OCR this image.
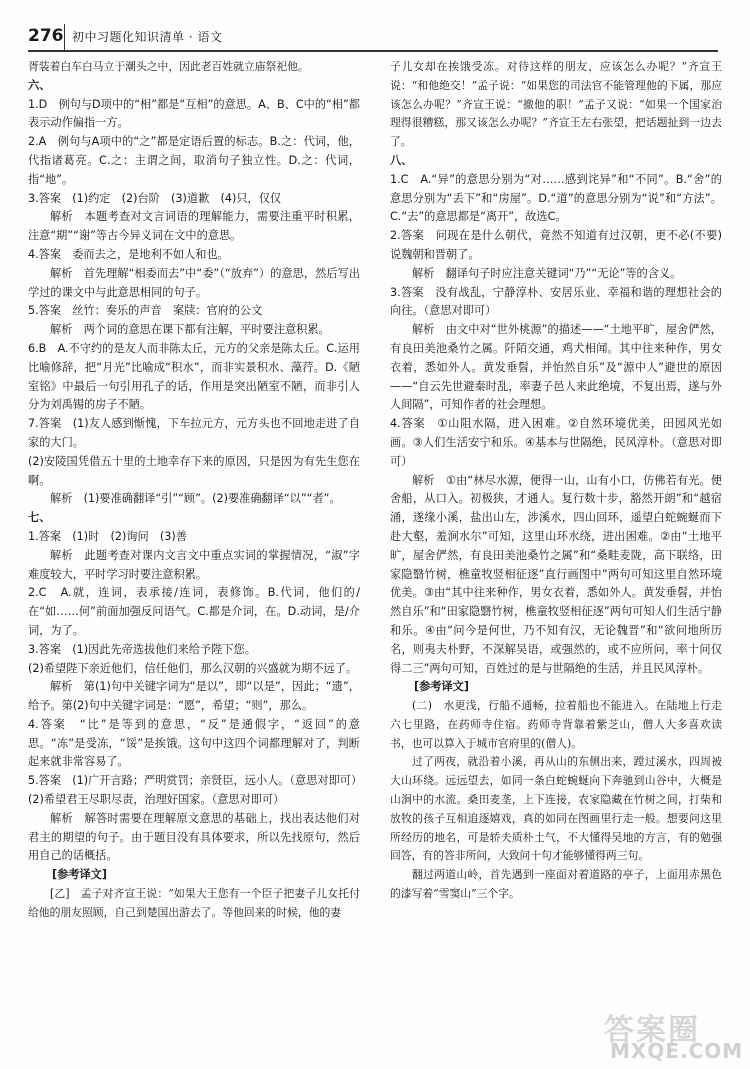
276 初中习题化知识清单 · 语文

胥装着白车白马立于潮头之中，因此老百姓就立庙祭祀他。

六、

1.D　例句与D项中的“相”都是“互相”的意思。A、B、C中的“相”都表示动作偏指一方。

2.A　例句与A项中的“之”都是定语后置的标志。B.之：代词，他，代指诸葛亮。C.之：主谓之间，取消句子独立性。D.之：代词，指“地”。

3.答案　(1)约定　(2)台阶　(3)道歉　(4)只，仅仅

解析　本题考查对文言词语的理解能力，需要注重平时积累，注意“期”“谢”等古今异义词在文中的意思。

4.答案　委而去之，是地利不如人和也。

解析　首先理解“相委而去”中“委”（“放弃”）的意思，然后写出学过的课文中与此意思相同的句子。

5.答案　丝竹：奏乐的声音　案牍：官府的公文

解析　两个词的意思在课下都有注解，平时要注意积累。

6.B　A.不守约的是友人而非陈太丘，元方的父亲是陈太丘。C.运用比喻修辞，把“月光”比喻成“积水”，而非实景积水、藻荇。D.《陋室铭》中最后一句引用孔子的话，作用是突出陋室不陋，而非引人分为刘禹锡的房子不陋。

7.答案　(1)友人感到惭愧，下车拉元方，元方头也不回地走进了自家的大门。

(2)安陵国凭借五十里的土地幸存下来的原因，只是因为有先生您在啊。

解析　(1)要准确翻译“引”“顾”。(2)要准确翻译“以”“者”。

七、

1.答案　(1)时　(2)询问　(3)善

解析　此题考查对课内文言文中重点实词的掌握情况，“淑”字难度较大，平时学习时要注意积累。

2.C　A.就，连词，表承接/连词，表修饰。B.代词，他们的/在“如……何”前面加强反问语气。C.都是介词，在。D.动词，是/介词，为了。

3.答案　(1)因此先帝选拔他们来给予陛下您。

(2)希望陛下亲近他们，信任他们，那么汉朝的兴盛就为期不远了。

解析　第(1)句中关键字词为“是以”，即“以是”，因此；“遗”，给予。第(2)句中关键字词是：“愿”，希望；“则”，那么。

4.答案　“比”是等到的意思，“反”是通假字，“返回”的意思。“冻”是受冻，“馁”是挨饿。这句中这四个词都理解对了，判断起来就非常容易了。

5.答案　(1)广开言路；严明赏罚；亲贤臣，远小人。（意思对即可）

(2)希望君王尽职尽责，治理好国家。（意思对即可）

解析　解答时需要在理解原文意思的基础上，找出表达他们对君主的期望的句子。由于题目没有具体要求，所以先找原句，然后用自己的话概括。

[参考译文]

[乙]　孟子对齐宣王说：“如果大王您有一个臣子把妻子儿女托付给他的朋友照顾，自己到楚国出游去了。等他回来的时候，他的妻

子儿女却在挨饿受冻。对待这样的朋友，应该怎么办呢？”齐宣王说：“和他绝交！”孟子说：“如果您的司法官不能管理他的下属，那应该怎么办呢？”齐宣王说：“撤他的职！”孟子又说：“如果一个国家治理得很糟糕，那又该怎么办呢？”齐宣王左右张望，把话题扯到一边去了。

八、

1.C　A.“异”的意思分别为“对……感到诧异”和“不同”。B.“舍”的意思分别为“丢下”和“房屋”。D.“道”的意思分别为“说”和“方法”。C.“去”的意思都是“离开”，故选C。

2.答案　问现在是什么朝代，竟然不知道有过汉朝，更不必(不要)说魏朝和晋朝了。

解析　翻译句子时应注意关键词“乃”“无论”等的含义。

3.答案　没有战乱，宁静淳朴、安居乐业、幸福和谐的理想社会的向往。（意思对即可）

解析　由文中对“世外桃源”的描述——“土地平旷，屋舍俨然，有良田美池桑竹之属。阡陌交通，鸡犬相闻。其中往来种作，男女衣着，悉如外人。黄发垂髫，并怡然自乐”及“源中人”避世的原因——“自云先世避秦时乱，率妻子邑人来此绝境，不复出焉，遂与外人间隔”，可知作者的社会理想。

4.答案　①山阻水隔，进入困难。②自然环境优美，田园风光如画。③人们生活安宁和乐。④基本与世隔绝，民风淳朴。（意思对即可）

解析　①由“林尽水源，便得一山，山有小口，仿佛若有光。便舍船，从口入。初极狭，才通人。复行数十步，豁然开朗”和“越宿涌，遂缘小溪，盐出山左，涉溪水，四山回环，遥望白蛇蜿蜒而下赴大壑，羞涧水尔”可知，这里山环水绕，进出困难。②由“土地平旷，屋舍俨然，有良田美池桑竹之属”和“桑畦麦陇，高下联络，田家隐翳竹树，樵童牧竖相征逐”直行画图中”两句可知这里自然环境优美。③由“其中往来种作，男女衣着，悉如外人。黄发垂髫，并怡然自乐”和“田家隐翳竹树，樵童牧竖相征逐”两句可知人们生活宁静和乐。④由“问今是何世，乃不知有汉，无论魏晋”和“欲问地所历名，则夷夫朴野，不深解吴语，或强然的，或不应所问，率十问仅得二三”两句可知，百姓过的是与世隔绝的生活，并且民风淳朴。

[参考译文]

(二)　水更浅，行船不通畅，拉着船也不能进入。在陆地上行走六七里路，在药师寺住宿。药师寺背靠着紫芝山，僧人大多喜欢读书，也可以算入于城市官府里的(僧人)。

过了两夜，就沿着小溪，再从山的东侧出来，蹚过溪水，四周被大山环绕。远远望去，如同一条白蛇蜿蜒向下奔驰到山谷中，大概是山涧中的水流。桑田麦垄，上下连接，农家隐藏在竹树之间，打柴和放牧的孩子互相追逐嬉戏，真的如同在图画里行走一般。想要问这里所经历的地名，可是轿夫质朴土气，不大懂得吴地的方言，有的勉强回答，有的答非所问，大致问十句才能够懂得两三句。

翻过两道山岭，首先遇到一座面对着道路的亭子，上面用赤黑色的漆写着“雪窦山”三个字。

答案圈
MXQE.COM
